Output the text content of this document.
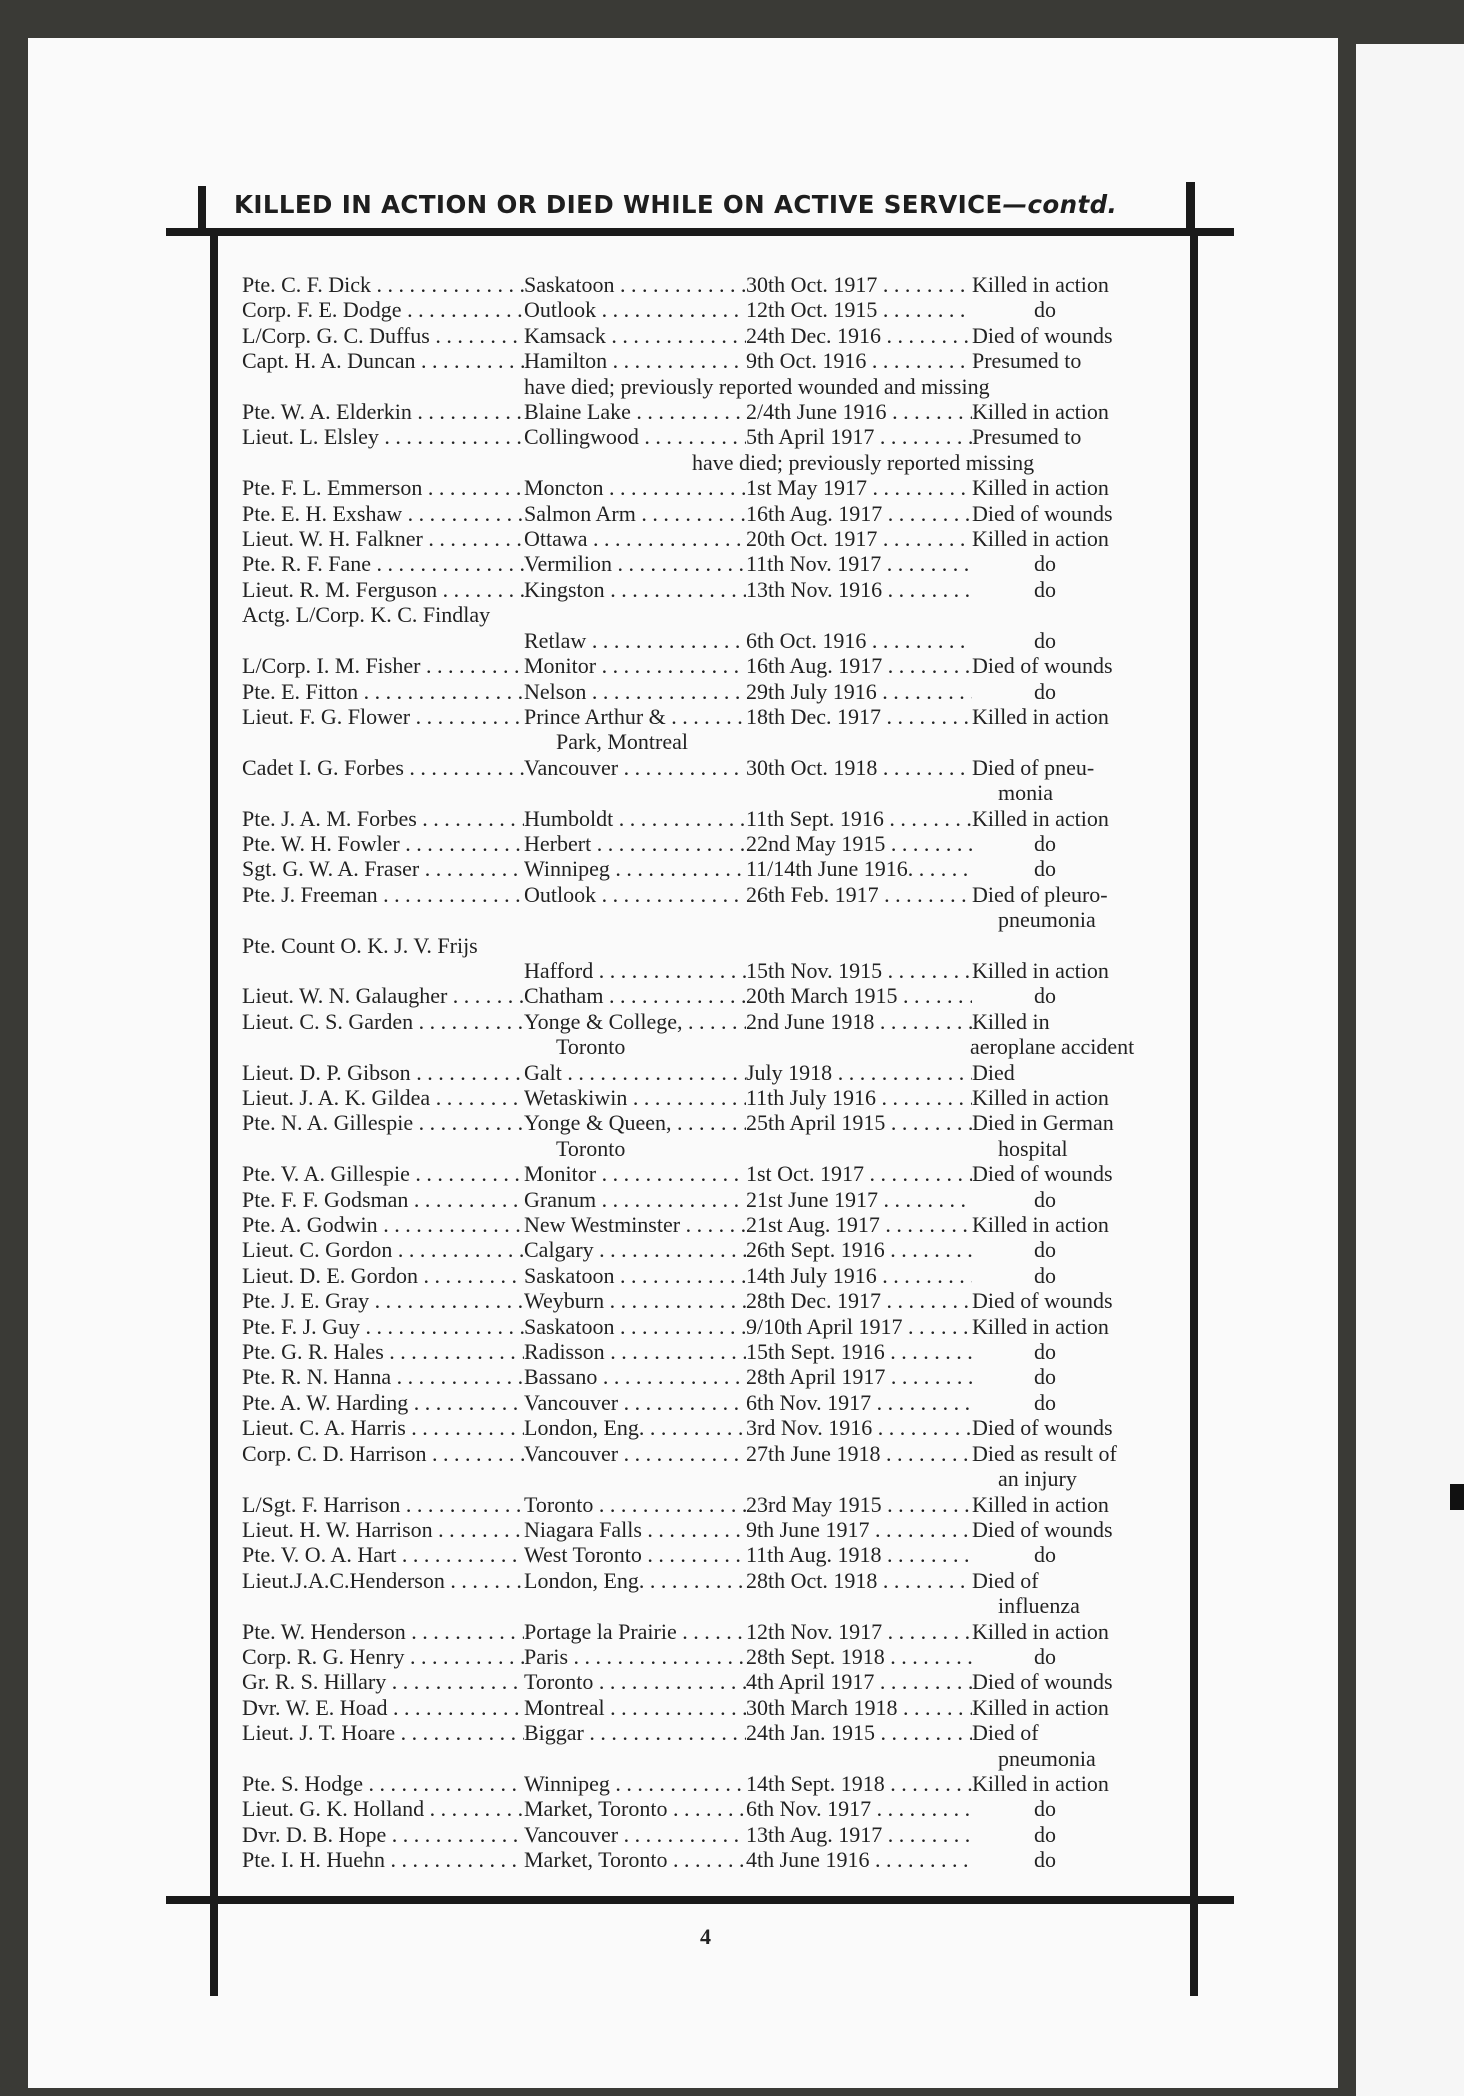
KILLED IN ACTION OR DIED WHILE ON ACTIVE SERVICE—contd.
Pte. C. F. Dick . . .	Saskatoon . . .	30th Oct. 1917 . . .	Killed in action
Corp. F. E. Dodge . . .	Outlook . . .	12th Oct. 1915 . . .	do
L/Corp. G. C. Duffus . . .	Kamsack . . .	24th Dec. 1916 . . .	Died of wounds
Capt. H. A. Duncan . . .	Hamilton . . .	9th Oct. 1916 . . .	Presumed to
have died; previously reported wounded and missing
Pte. W. A. Elderkin . . .	Blaine Lake . . .	2/4th June 1916 . . .	Killed in action
Lieut. L. Elsley . . .	Collingwood . . .	5th April 1917 . . .	Presumed to
have died; previously reported missing
Pte. F. L. Emmerson . . .	Moncton . . .	1st May 1917 . . .	Killed in action
Pte. E. H. Exshaw . . .	Salmon Arm . . .	16th Aug. 1917 . . .	Died of wounds
Lieut. W. H. Falkner . . .	Ottawa . . .	20th Oct. 1917 . . .	Killed in action
Pte. R. F. Fane . . .	Vermilion . . .	11th Nov. 1917 . . .	do
Lieut. R. M. Ferguson . . .	Kingston . . .	13th Nov. 1916 . . .	do
Actg. L/Corp. K. C. Findlay
Retlaw . . .	6th Oct. 1916 . . .	do
L/Corp. I. M. Fisher . . .	Monitor . . .	16th Aug. 1917 . . .	Died of wounds
Pte. E. Fitton . . .	Nelson . . .	29th July 1916 . . .	do
Lieut. F. G. Flower . . .	Prince Arthur & . . .	18th Dec. 1917 . . .	Killed in action
Park, Montreal
Cadet I. G. Forbes . . .	Vancouver . . .	30th Oct. 1918 . . .	Died of pneu-
monia
Pte. J. A. M. Forbes . . .	Humboldt . . .	11th Sept. 1916 . . .	Killed in action
Pte. W. H. Fowler . . .	Herbert . . .	22nd May 1915 . . .	do
Sgt. G. W. A. Fraser . . .	Winnipeg . . .	11/14th June 1916. . . .	do
Pte. J. Freeman . . .	Outlook . . .	26th Feb. 1917 . . .	Died of pleuro-
pneumonia
Pte. Count O. K. J. V. Frijs
Hafford . . .	15th Nov. 1915 . . .	Killed in action
Lieut. W. N. Galaugher . . .	Chatham . . .	20th March 1915 . . .	do
Lieut. C. S. Garden . . .	Yonge & College, . . .	2nd June 1918 . . .	Killed in
Toronto	aeroplane accident
Lieut. D. P. Gibson . . .	Galt . . .	July 1918 . . .	Died
Lieut. J. A. K. Gildea . . .	Wetaskiwin . . .	11th July 1916 . . .	Killed in action
Pte. N. A. Gillespie . . .	Yonge & Queen, . . .	25th April 1915 . . .	Died in German
Toronto	hospital
Pte. V. A. Gillespie . . .	Monitor . . .	1st Oct. 1917 . . .	Died of wounds
Pte. F. F. Godsman . . .	Granum . . .	21st June 1917 . . .	do
Pte. A. Godwin . . .	New Westminster . . .	21st Aug. 1917 . . .	Killed in action
Lieut. C. Gordon . . .	Calgary . . .	26th Sept. 1916 . . .	do
Lieut. D. E. Gordon . . .	Saskatoon . . .	14th July 1916 . . .	do
Pte. J. E. Gray . . .	Weyburn . . .	28th Dec. 1917 . . .	Died of wounds
Pte. F. J. Guy . . .	Saskatoon . . .	9/10th April 1917 . . .	Killed in action
Pte. G. R. Hales . . .	Radisson . . .	15th Sept. 1916 . . .	do
Pte. R. N. Hanna . . .	Bassano . . .	28th April 1917 . . .	do
Pte. A. W. Harding . . .	Vancouver . . .	6th Nov. 1917 . . .	do
Lieut. C. A. Harris . . .	London, Eng. . . .	3rd Nov. 1916 . . .	Died of wounds
Corp. C. D. Harrison . . .	Vancouver . . .	27th June 1918 . . .	Died as result of
an injury
L/Sgt. F. Harrison . . .	Toronto . . .	23rd May 1915 . . .	Killed in action
Lieut. H. W. Harrison . . .	Niagara Falls . . .	9th June 1917 . . .	Died of wounds
Pte. V. O. A. Hart . . .	West Toronto . . .	11th Aug. 1918 . . .	do
Lieut.J.A.C.Henderson . . .	London, Eng. . . .	28th Oct. 1918 . . .	Died of
influenza
Pte. W. Henderson . . .	Portage la Prairie . . .	12th Nov. 1917 . . .	Killed in action
Corp. R. G. Henry . . .	Paris . . .	28th Sept. 1918 . . .	do
Gr. R. S. Hillary . . .	Toronto . . .	4th April 1917 . . .	Died of wounds
Dvr. W. E. Hoad . . .	Montreal . . .	30th March 1918 . . .	Killed in action
Lieut. J. T. Hoare . . .	Biggar . . .	24th Jan. 1915 . . .	Died of
pneumonia
Pte. S. Hodge . . .	Winnipeg . . .	14th Sept. 1918 . . .	Killed in action
Lieut. G. K. Holland . . .	Market, Toronto . . .	6th Nov. 1917 . . .	do
Dvr. D. B. Hope . . .	Vancouver . . .	13th Aug. 1917 . . .	do
Pte. I. H. Huehn . . .	Market, Toronto . . .	4th June 1916 . . .	do
4
